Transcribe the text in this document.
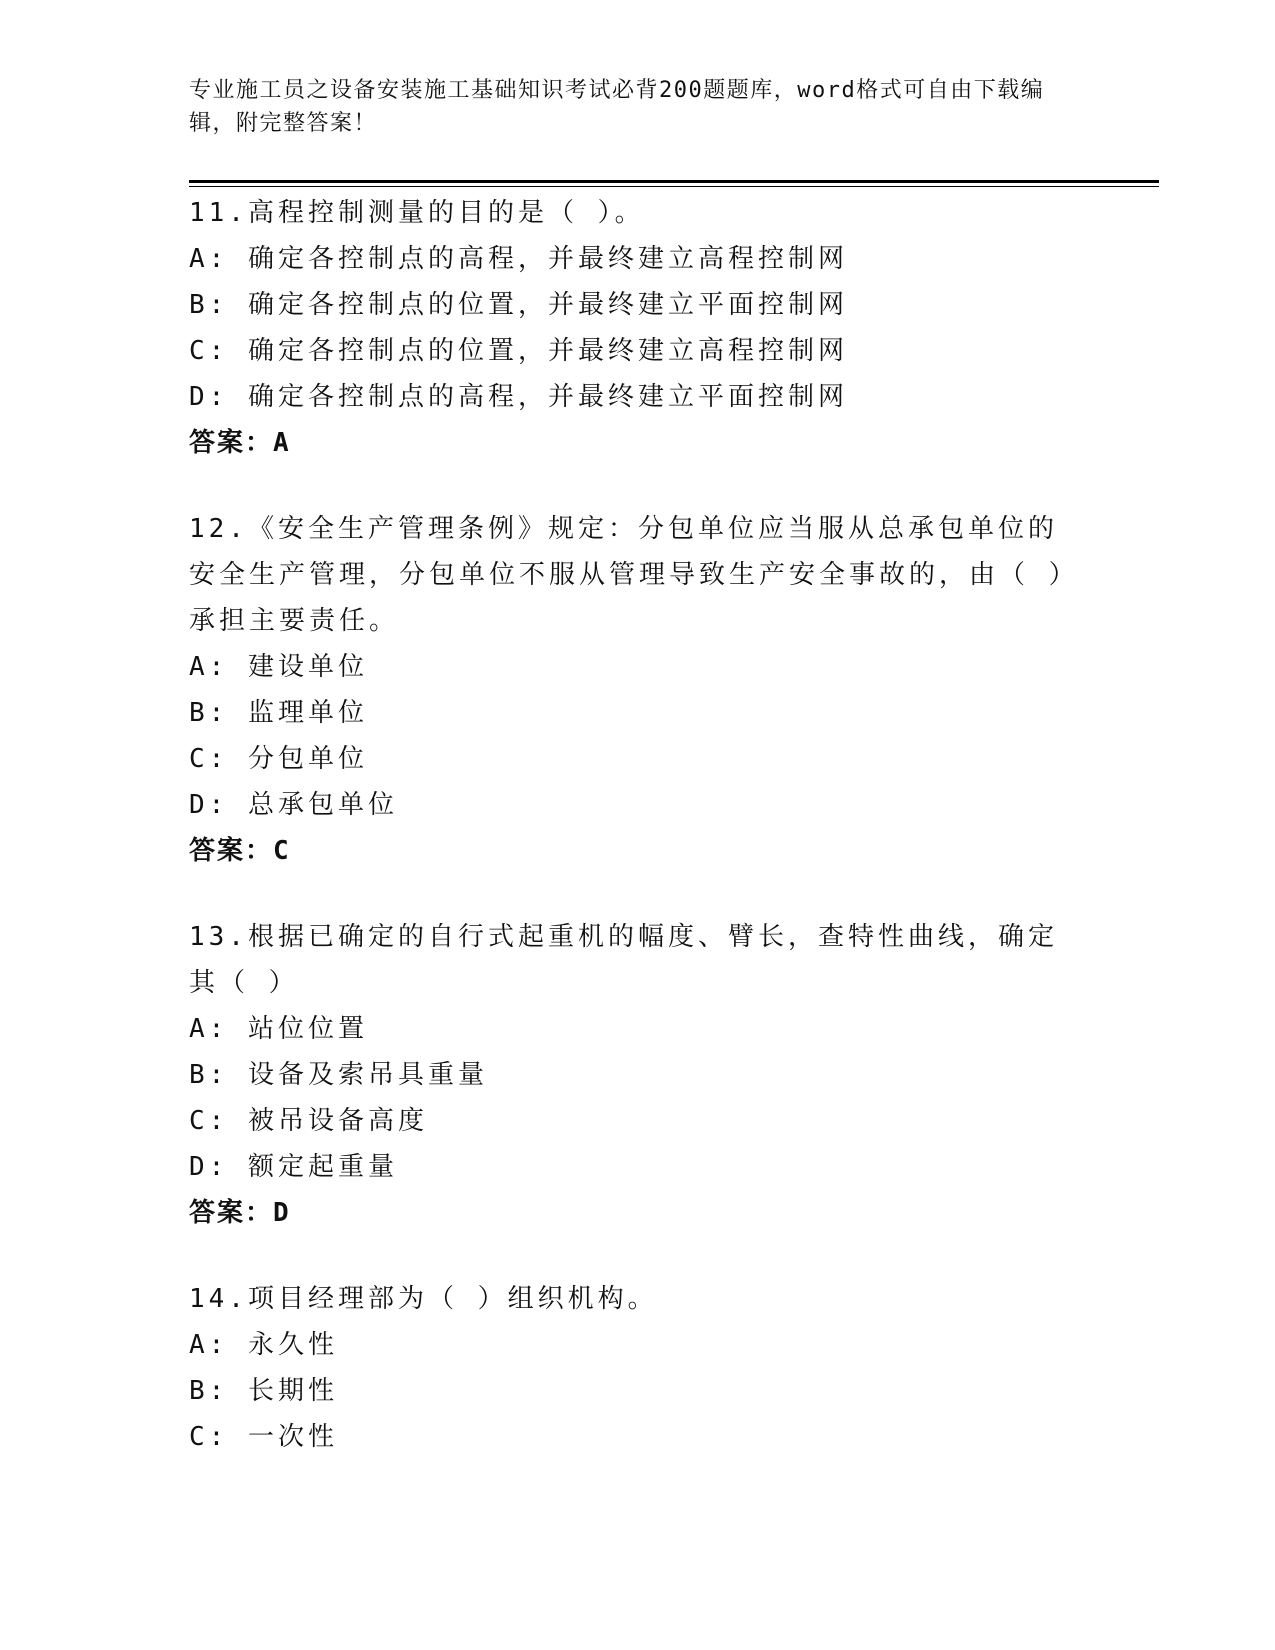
专业施工员之设备安装施工基础知识考试必背200题题库，word格式可自由下载编辑，附完整答案！
11.高程控制测量的目的是（ ）。
A: 确定各控制点的高程，并最终建立高程控制网
B: 确定各控制点的位置，并最终建立平面控制网
C: 确定各控制点的位置，并最终建立高程控制网
D: 确定各控制点的高程，并最终建立平面控制网
答案：A
12.《安全生产管理条例》规定：分包单位应当服从总承包单位的安全生产管理，分包单位不服从管理导致生产安全事故的，由（ ）承担主要责任。
A: 建设单位
B: 监理单位
C: 分包单位
D: 总承包单位
答案：C
13.根据已确定的自行式起重机的幅度、臂长，查特性曲线，确定其（ ）
A: 站位位置
B: 设备及索吊具重量
C: 被吊设备高度
D: 额定起重量
答案：D
14.项目经理部为（ ）组织机构。
A: 永久性
B: 长期性
C: 一次性
